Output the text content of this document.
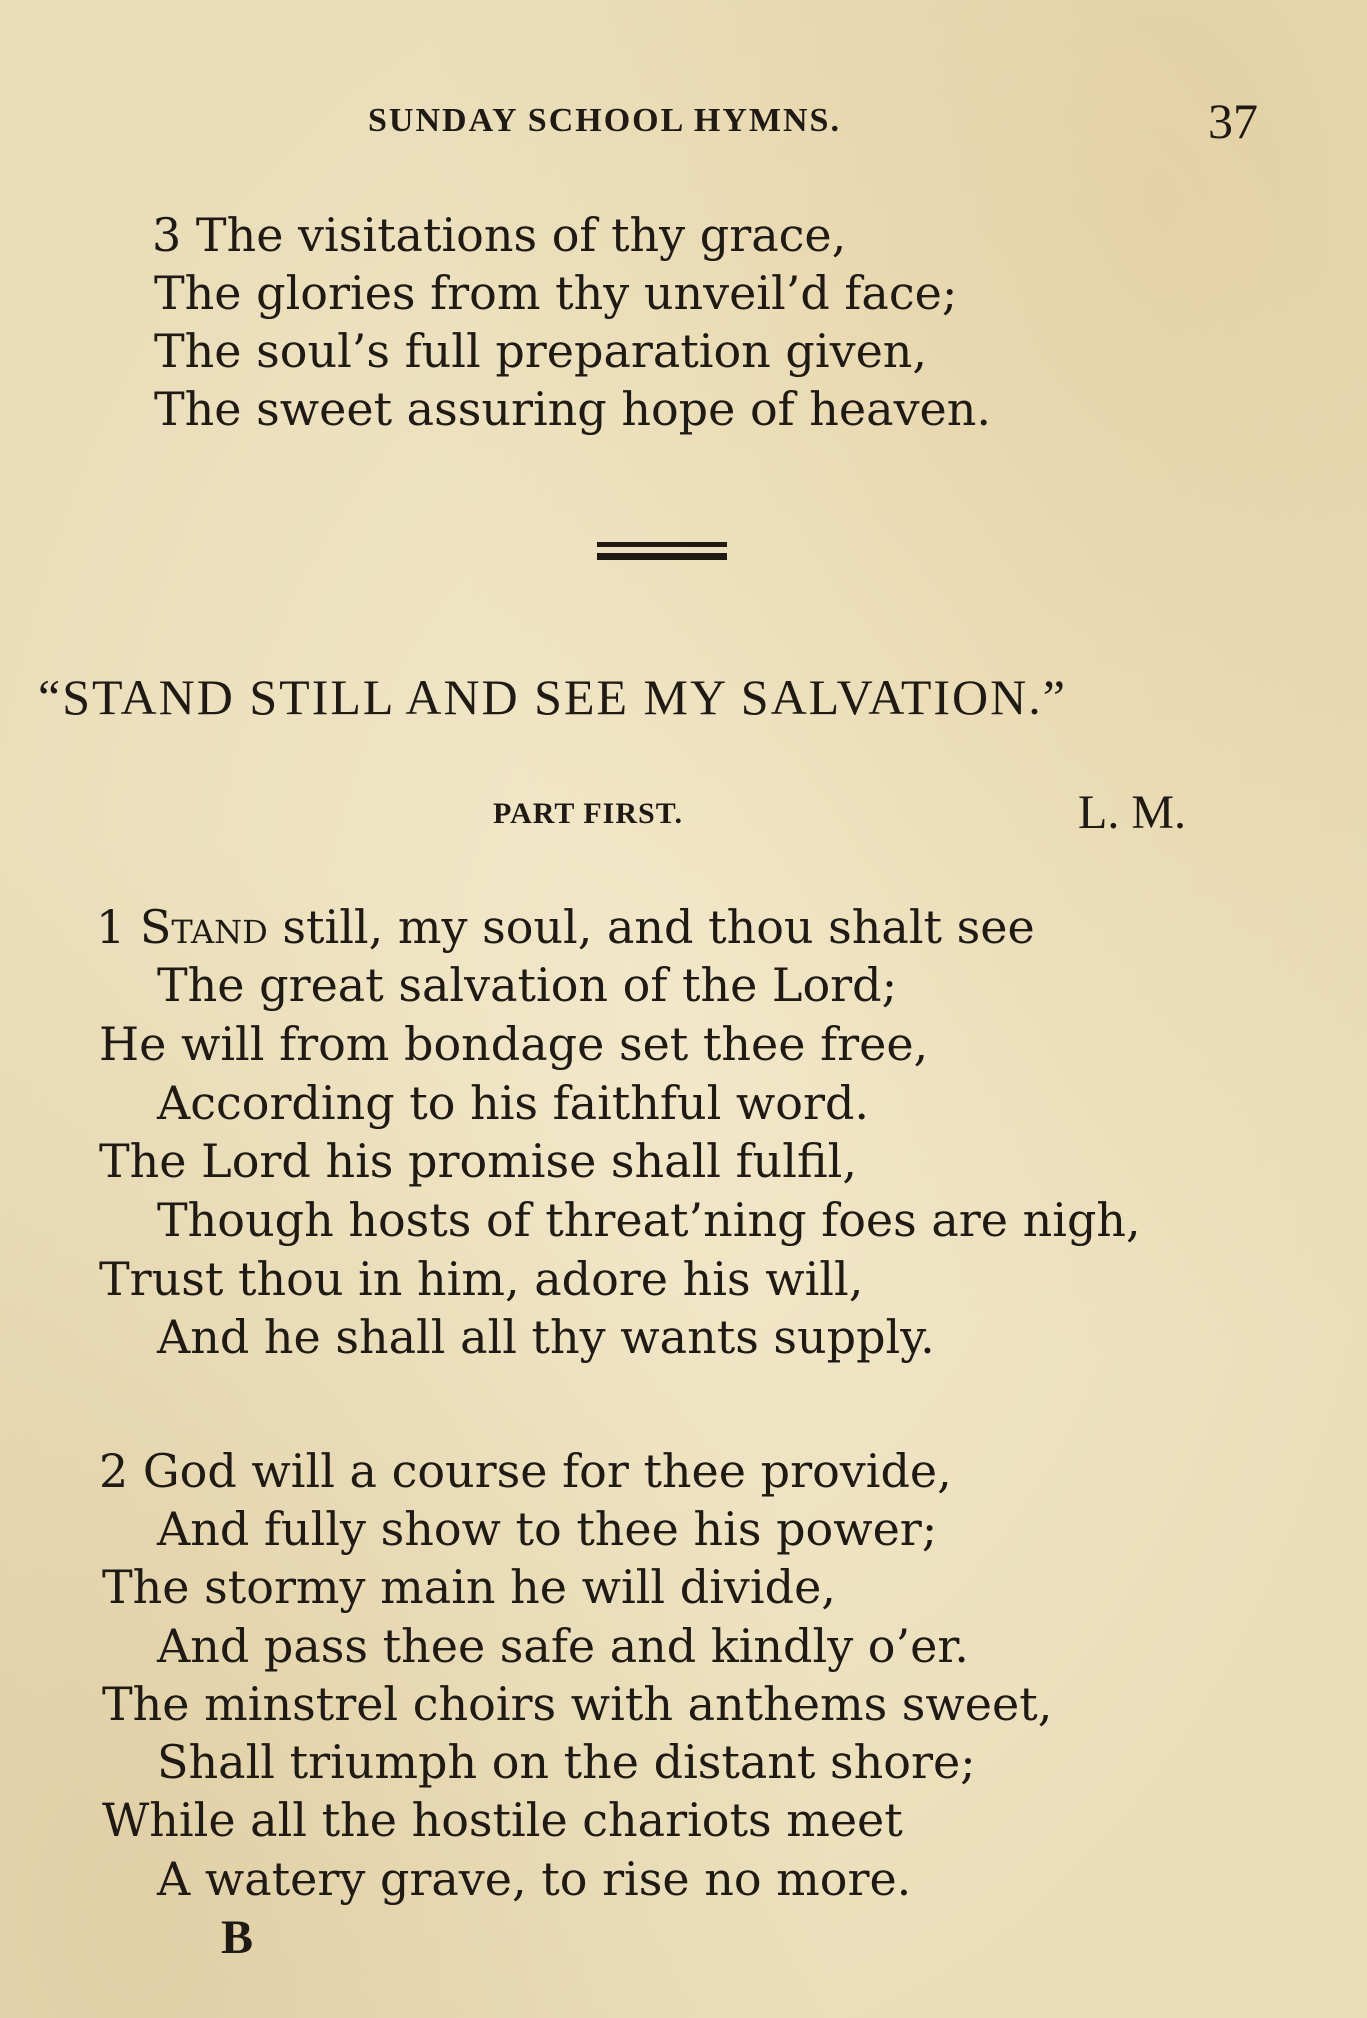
SUNDAY SCHOOL HYMNS.	37
3 The visitations of thy grace,
The glories from thy unveil’d face;
The soul’s full preparation given,
The sweet assuring hope of heaven.
“STAND STILL AND SEE MY SALVATION.”
PART FIRST.	L. M.
1 Stand still, my soul, and thou shalt see
The great salvation of the Lord;
He will from bondage set thee free,
According to his faithful word.
The Lord his promise shall fulfil,
Though hosts of threat’ning foes are nigh,
Trust thou in him, adore his will,
And he shall all thy wants supply.
2 God will a course for thee provide,
And fully show to thee his power;
The stormy main he will divide,
And pass thee safe and kindly o’er.
The minstrel choirs with anthems sweet,
Shall triumph on the distant shore;
While all the hostile chariots meet
A watery grave, to rise no more.
B
